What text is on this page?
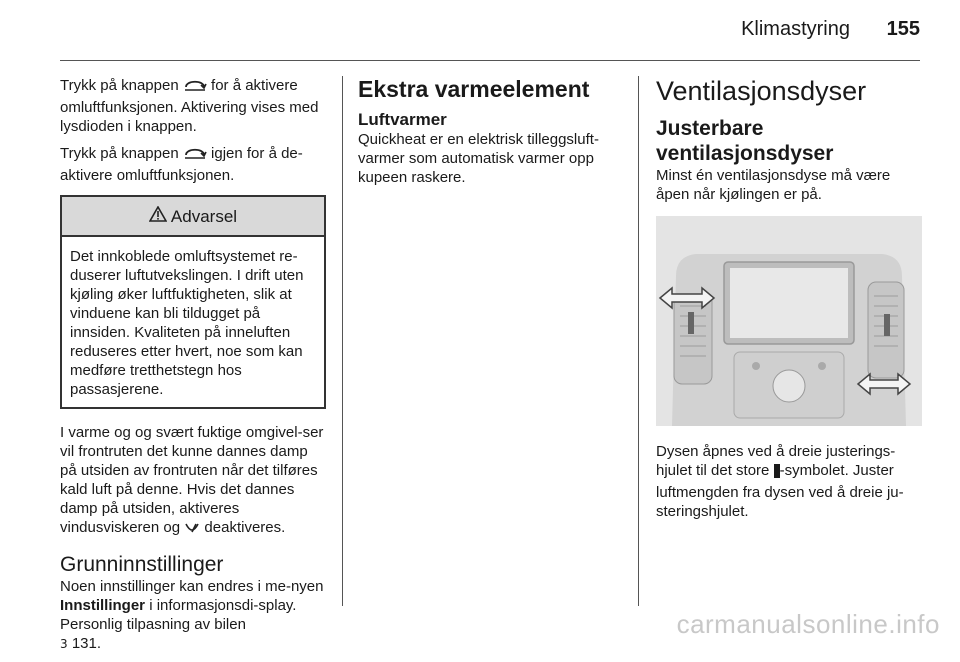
Klimastyring 155

Trykk på knappen for å aktivere omluftfunksjonen. Aktivering vises med lysdioden i knappen.

Trykk på knappen igjen for å de-aktivere omluftfunksjonen.

Advarsel
Det innkoblede omluftsystemet re-duserer luftutvekslingen. I drift uten kjøling øker luftfuktigheten, slik at vinduene kan bli tildugget på innsiden. Kvaliteten på inneluften reduseres etter hvert, noe som kan medføre tretthetstegn hos passasjerene.

I varme og og svært fuktige omgivel-ser vil frontruten det kunne dannes damp på utsiden av frontruten når det tilføres kald luft på denne. Hvis det dannes damp på utsiden, aktiveres vindusviskeren og deaktiveres.

Grunninnstillinger

Noen innstillinger kan endres i me-nyen Innstillinger i informasjonsdi-splay. Personlig tilpasning av bilen
3 131.

Ekstra varmeelement
Luftvarmer

Quickheat er en elektrisk tilleggsluft-varmer som automatisk varmer opp kupeen raskere.

Ventilasjonsdyser
Justerbare ventilasjonsdyser

Minst én ventilasjonsdyse må være åpen når kjølingen er på.

Dysen åpnes ved å dreie justerings-hjulet til det store -symbolet. Juster luftmengden fra dysen ved å dreie ju-steringshjulet.

carmanualsonline.info
